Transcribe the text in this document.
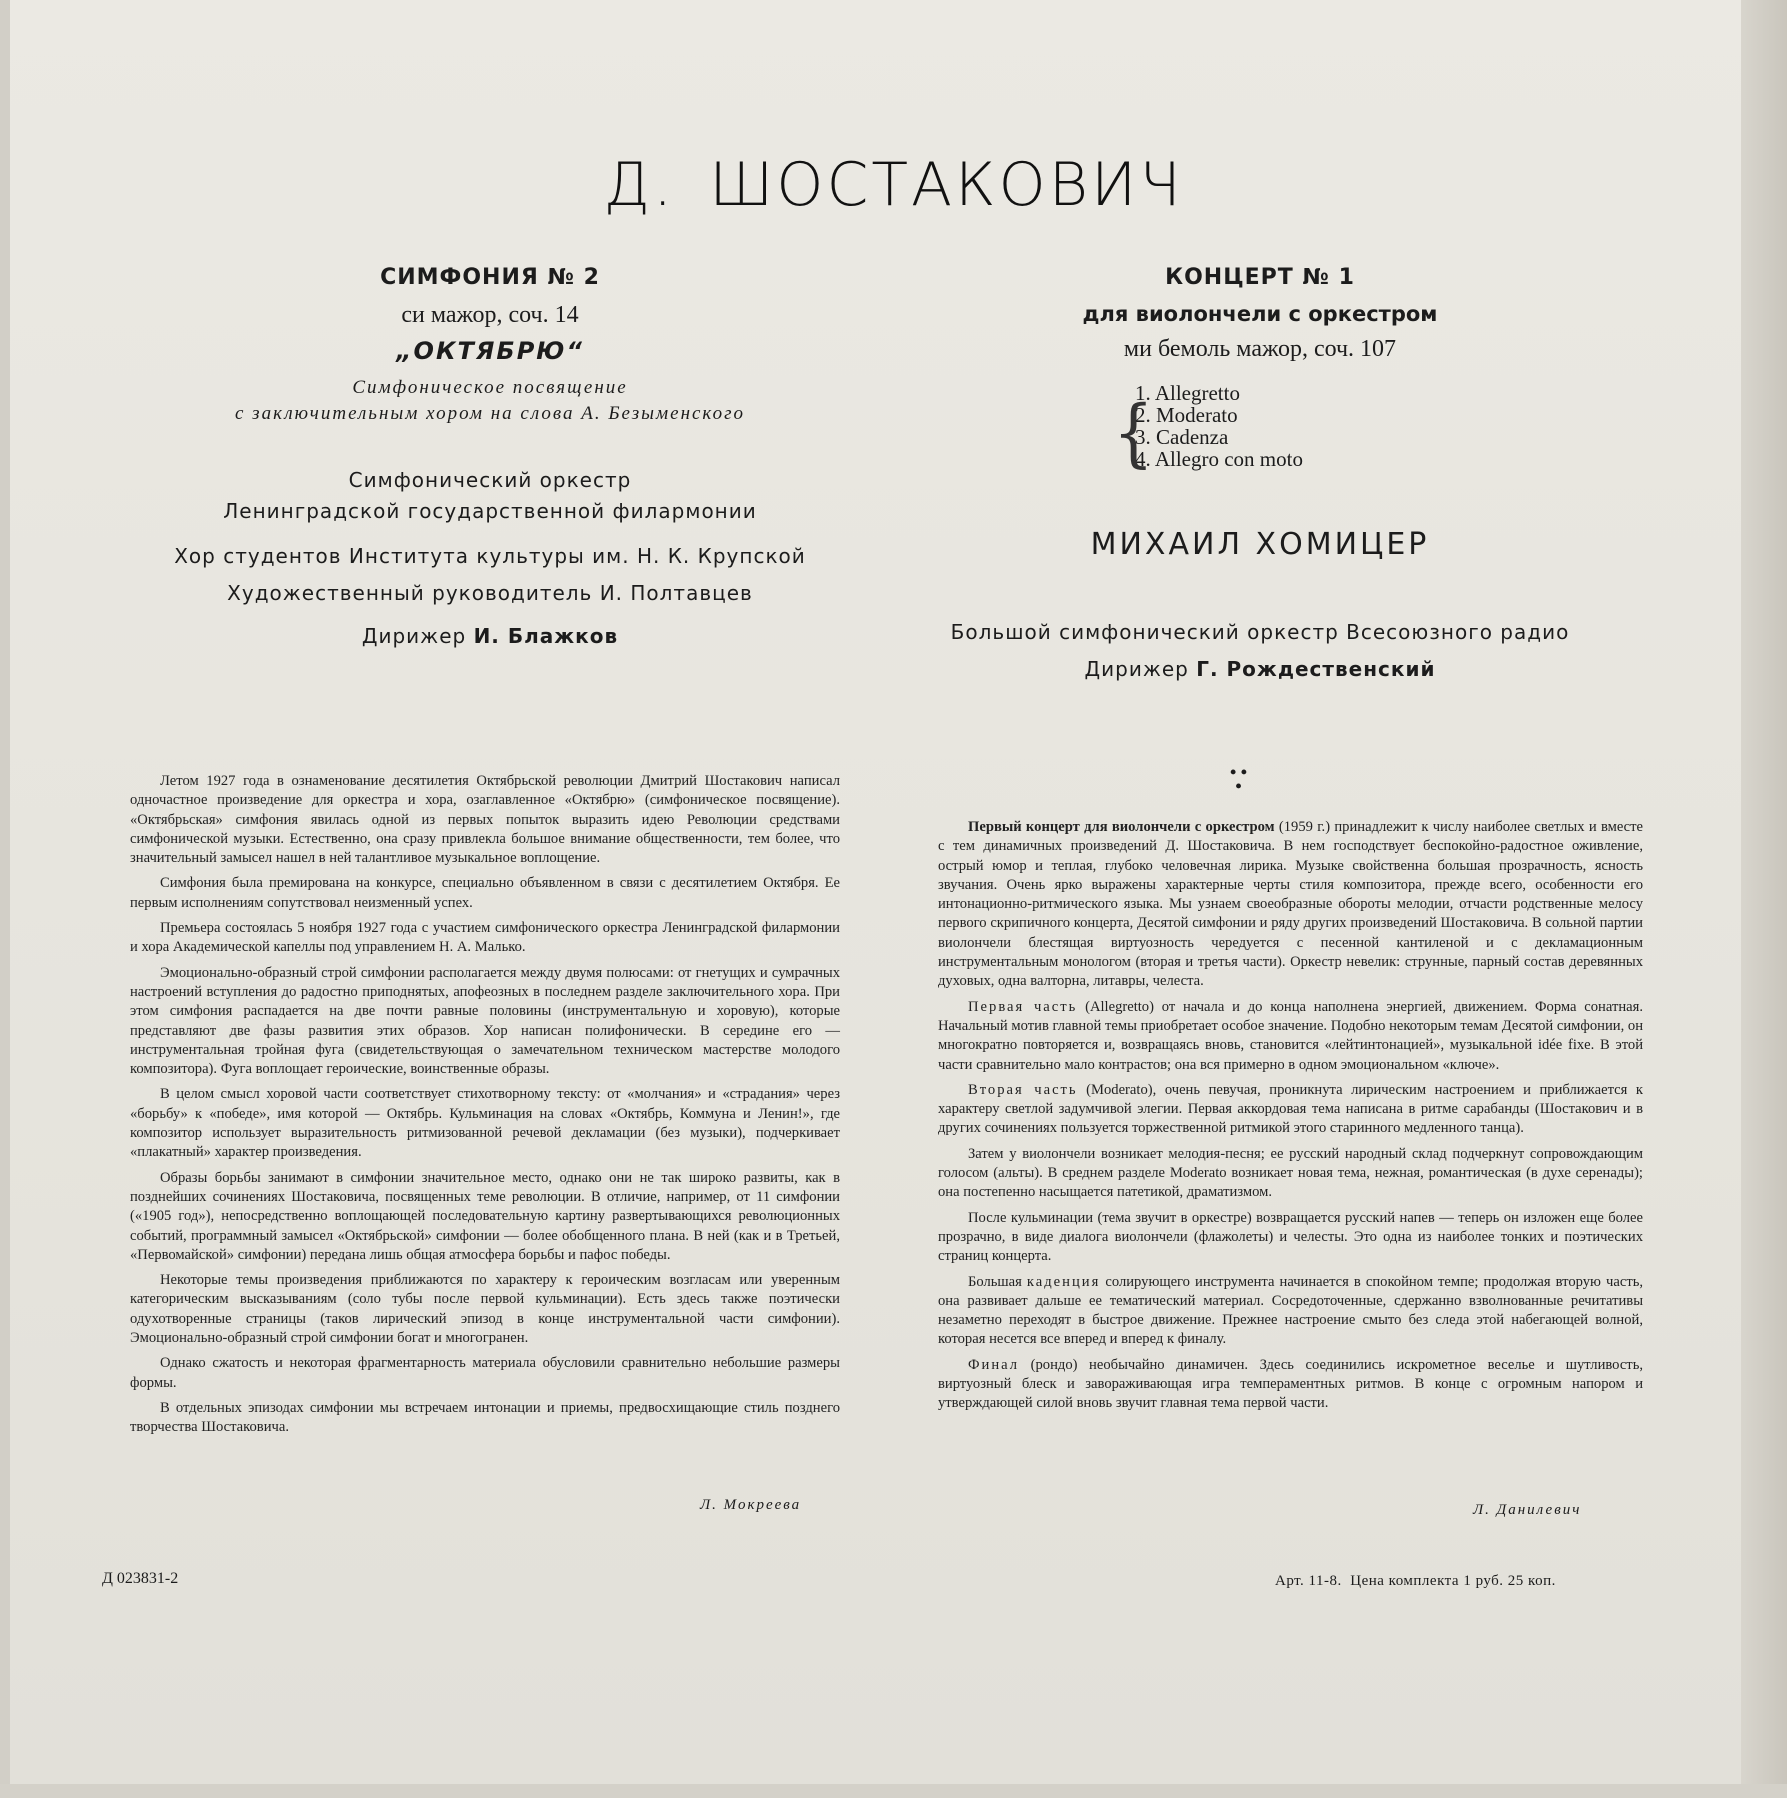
Д. ШОСТАКОВИЧ
СИМФОНИЯ № 2
си мажор, соч. 14
„ОКТЯБРЮ“
Симфоническое посвящение
с заключительным хором на слова А. Безыменского
Симфонический оркестр
Ленинградской государственной филармонии
Хор студентов Института культуры им. Н. К. Крупской
Художественный руководитель И. Полтавцев
Дирижер И. Блажков
КОНЦЕРТ № 1
для виолончели с оркестром
ми бемоль мажор, соч. 107
{
1. Allegretto
2. Moderato
3. Cadenza
4. Allegro con moto
МИХАИЛ ХОМИЦЕР
Большой симфонический оркестр Всесоюзного радио
Дирижер Г. Рождественский
• •
•

Летом 1927 года в ознаменование десятилетия Октябрьской революции Дмитрий Шостакович написал одночастное произведение для оркестра и хора, озаглавленное «Октябрю» (симфоническое посвящение). «Октябрьская» симфония явилась одной из первых попыток выразить идею Революции средствами симфонической музыки. Естественно, она сразу привлекла большое внимание общественности, тем более, что значительный замысел нашел в ней талантливое музыкальное воплощение.

Симфония была премирована на конкурсе, специально объявленном в связи с десятилетием Октября. Ее первым исполнениям сопутствовал неизменный успех.

Премьера состоялась 5 ноября 1927 года с участием симфонического оркестра Ленинградской филармонии и хора Академической капеллы под управлением Н. А. Малько.

Эмоционально-образный строй симфонии располагается между двумя полюсами: от гнетущих и сумрачных настроений вступления до радостно приподнятых, апофеозных в последнем разделе заключительного хора. При этом симфония распадается на две почти равные половины (инструментальную и хоровую), которые представляют две фазы развития этих образов. Хор написан полифонически. В середине его — инструментальная тройная фуга (свидетельствующая о замечательном техническом мастерстве молодого композитора). Фуга воплощает героические, воинственные образы.

В целом смысл хоровой части соответствует стихотворному тексту: от «молчания» и «страдания» через «борьбу» к «победе», имя которой — Октябрь. Кульминация на словах «Октябрь, Коммуна и Ленин!», где композитор использует выразительность ритмизованной речевой декламации (без музыки), подчеркивает «плакатный» характер произведения.

Образы борьбы занимают в симфонии значительное место, однако они не так широко развиты, как в позднейших сочинениях Шостаковича, посвященных теме революции. В отличие, например, от 11 симфонии («1905 год»), непосредственно воплощающей последовательную картину развертывающихся революционных событий, программный замысел «Октябрьской» симфонии — более обобщенного плана. В ней (как и в Третьей, «Первомайской» симфонии) передана лишь общая атмосфера борьбы и пафос победы.

Некоторые темы произведения приближаются по характеру к героическим возгласам или уверенным категорическим высказываниям (соло тубы после первой кульминации). Есть здесь также поэтически одухотворенные страницы (таков лирический эпизод в конце инструментальной части симфонии). Эмоционально-образный строй симфонии богат и многогранен.

Однако сжатость и некоторая фрагментарность материала обусловили сравнительно небольшие размеры формы.

В отдельных эпизодах симфонии мы встречаем интонации и приемы, предвосхищающие стиль позднего творчества Шостаковича.

Л. Мокреева

Первый концерт для виолончели с оркестром (1959 г.) принадлежит к числу наиболее светлых и вместе с тем динамичных произведений Д. Шостаковича. В нем господствует беспокойно-радостное оживление, острый юмор и теплая, глубоко человечная лирика. Музыке свойственна большая прозрачность, ясность звучания. Очень ярко выражены характерные черты стиля композитора, прежде всего, особенности его интонационно-ритмического языка. Мы узнаем своеобразные обороты мелодии, отчасти родственные мелосу первого скрипичного концерта, Десятой симфонии и ряду других произведений Шостаковича. В сольной партии виолончели блестящая виртуозность чередуется с песенной кантиленой и с декламационным инструментальным монологом (вторая и третья части). Оркестр невелик: струнные, парный состав деревянных духовых, одна валторна, литавры, челеста.

Первая часть (Allegretto) от начала и до конца наполнена энергией, движением. Форма сонатная. Начальный мотив главной темы приобретает особое значение. Подобно некоторым темам Десятой симфонии, он многократно повторяется и, возвращаясь вновь, становится «лейтинтонацией», музыкальной idée fixe. В этой части сравнительно мало контрастов; она вся примерно в одном эмоциональном «ключе».

Вторая часть (Moderato), очень певучая, проникнута лирическим настроением и приближается к характеру светлой задумчивой элегии. Первая аккордовая тема написана в ритме сарабанды (Шостакович и в других сочинениях пользуется торжественной ритмикой этого старинного медленного танца).

Затем у виолончели возникает мелодия-песня; ее русский народный склад подчеркнут сопровождающим голосом (альты). В среднем разделе Moderato возникает новая тема, нежная, романтическая (в духе серенады); она постепенно насыщается патетикой, драматизмом.

После кульминации (тема звучит в оркестре) возвращается русский напев — теперь он изложен еще более прозрачно, в виде диалога виолончели (флажолеты) и челесты. Это одна из наиболее тонких и поэтических страниц концерта.

Большая каденция солирующего инструмента начинается в спокойном темпе; продолжая вторую часть, она развивает дальше ее тематический материал. Сосредоточенные, сдержанно взволнованные речитативы незаметно переходят в быстрое движение. Прежнее настроение смыто без следа этой набегающей волной, которая несется все вперед и вперед к финалу.

Финал (рондо) необычайно динамичен. Здесь соединились искрометное веселье и шутливость, виртуозный блеск и завораживающая игра темпераментных ритмов. В конце с огромным напором и утверждающей силой вновь звучит главная тема первой части.

Л. Данилевич
Д 023831-2	Арт. 11-8.  Цена комплекта 1 руб. 25 коп.
